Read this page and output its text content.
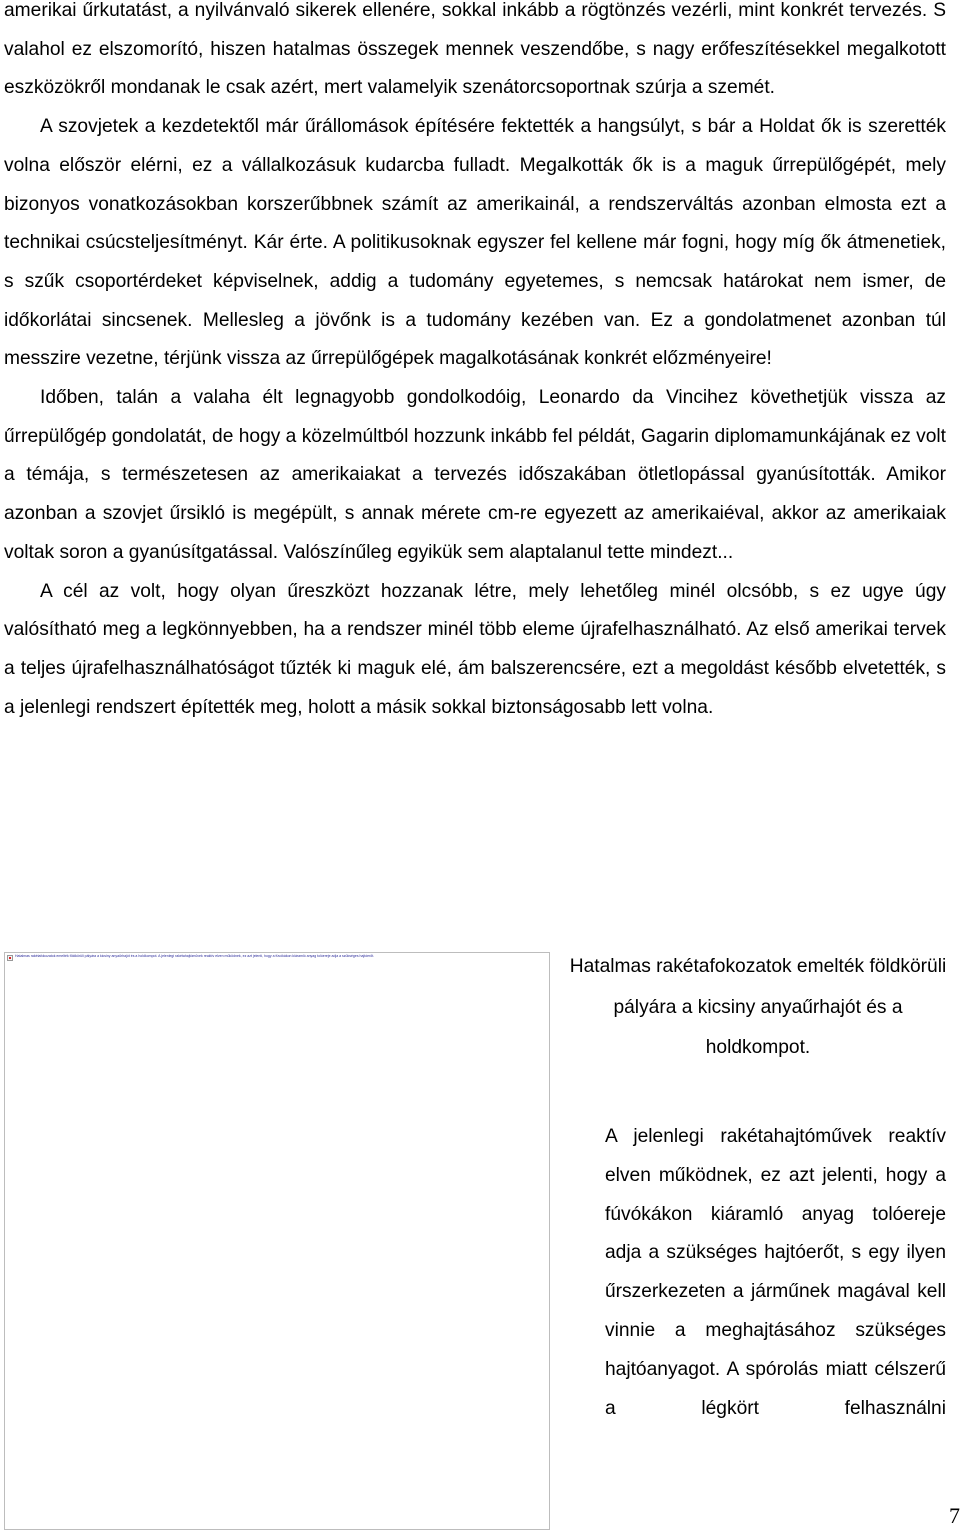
amerikai űrkutatást, a nyilvánvaló sikerek ellenére, sokkal inkább a rögtönzés vezérli, mint konkrét tervezés. S valahol ez elszomorító, hiszen hatalmas összegek mennek veszendőbe, s nagy erőfeszítésekkel megalkotott eszközökről mondanak le csak azért, mert valamelyik szenátorcsoportnak szúrja a szemét.

A szovjetek a kezdetektől már űrállomások építésére fektették a hangsúlyt, s bár a Holdat ők is szerették volna először elérni, ez a vállalkozásuk kudarcba fulladt. Megalkották ők is a maguk űrrepülőgépét, mely bizonyos vonatkozásokban korszerűbbnek számít az amerikainál, a rendszerváltás azonban elmosta ezt a technikai csúcsteljesítményt. Kár érte. A politikusoknak egyszer fel kellene már fogni, hogy míg ők átmenetiek, s szűk csoportérdeket képviselnek, addig a tudomány egyetemes, s nemcsak határokat nem ismer, de időkorlátai sincsenek. Mellesleg a jövőnk is a tudomány kezében van. Ez a gondolatmenet azonban túl messzire vezetne, térjünk vissza az űrrepülőgépek magalkotásának konkrét előzményeire!

Időben, talán a valaha élt legnagyobb gondolkodóig, Leonardo da Vincihez követhetjük vissza az űrrepülőgép gondolatát, de hogy a közelmúltból hozzunk inkább fel példát, Gagarin diplomamunkájának ez volt a témája, s természetesen az amerikaiakat a tervezés időszakában ötletlopással gyanúsították. Amikor azonban a szovjet űrsikló is megépült, s annak mérete cm-re egyezett az amerikaiéval, akkor az amerikaiak voltak soron a gyanúsítgatással. Valószínűleg egyikük sem alaptalanul tette mindezt...

A cél az volt, hogy olyan űreszközt hozzanak létre, mely lehetőleg minél olcsóbb, s ez ugye úgy valósítható meg a legkönnyebben, ha a rendszer minél több eleme újrafelhasználható. Az első amerikai tervek a teljes újrafelhasználhatóságot tűzték ki maguk elé, ám balszerencsére, ezt a megoldást később elvetették, s a jelenlegi rendszert építették meg, holott a másik sokkal biztonságosabb lett volna.

Hatalmas rakétafokozatok emelték földkörüli pályára a kicsiny anyaűrhajót és a holdkompot. A jelenlegi rakétahajtóművek reaktív elven működnek, ez azt jelenti, hogy a fúvókákon kiáramló anyag tolóereje adja a szükséges hajtóerőt.	Hatalmas rakétafokozatok emelték földkörüli pályára a kicsiny anyaűrhajót és a holdkompot.
A jelenlegi rakétahajtóművek reaktív elven működnek, ez azt jelenti, hogy a fúvókákon kiáramló anyag tolóereje adja a szükséges hajtóerőt, s egy ilyen űrszerkezeten a járműnek magával kell vinnie a meghajtásához szükséges hajtóanyagot. A spórolás miatt célszerű a légkört felhasználni
7
